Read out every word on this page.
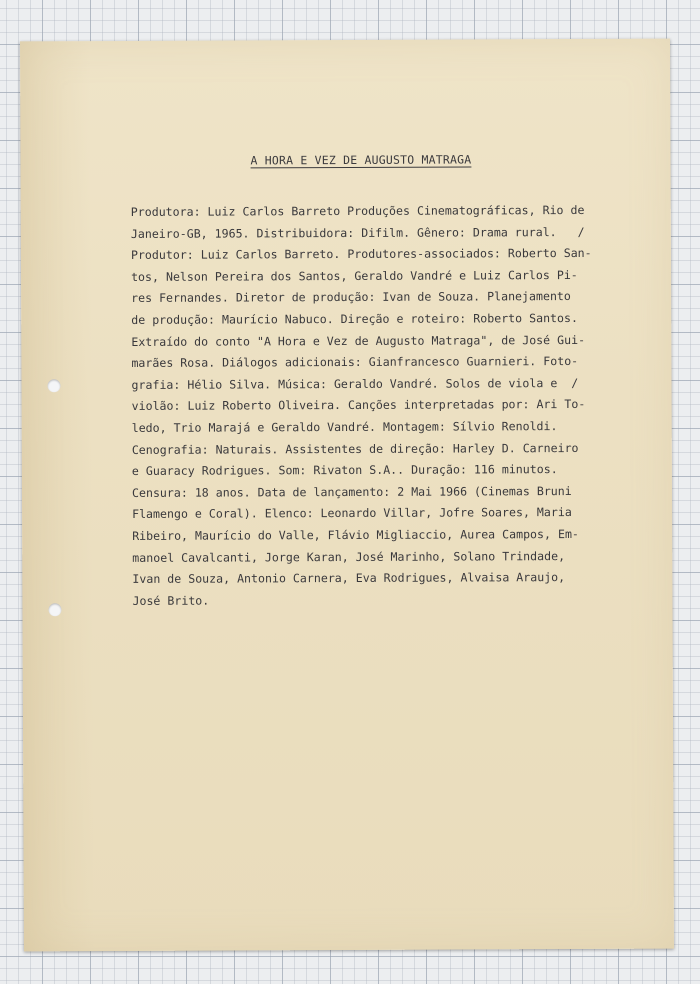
A HORA E VEZ DE AUGUSTO MATRAGA
Produtora: Luiz Carlos Barreto Produções Cinematográficas, Rio de
Janeiro-GB, 1965. Distribuidora: Difilm. Gênero: Drama rural.   /
Produtor: Luiz Carlos Barreto. Produtores-associados: Roberto San-
tos, Nelson Pereira dos Santos, Geraldo Vandré e Luiz Carlos Pi-
res Fernandes. Diretor de produção: Ivan de Souza. Planejamento
de produção: Maurício Nabuco. Direção e roteiro: Roberto Santos.
Extraído do conto "A Hora e Vez de Augusto Matraga", de José Gui-
marães Rosa. Diálogos adicionais: Gianfrancesco Guarnieri. Foto-
grafia: Hélio Silva. Música: Geraldo Vandré. Solos de viola e  /
violão: Luiz Roberto Oliveira. Canções interpretadas por: Ari To-
ledo, Trio Marajá e Geraldo Vandré. Montagem: Sílvio Renoldi.
Cenografia: Naturais. Assistentes de direção: Harley D. Carneiro
e Guaracy Rodrigues. Som: Rivaton S.A.. Duração: 116 minutos.
Censura: 18 anos. Data de lançamento: 2 Mai 1966 (Cinemas Bruni
Flamengo e Coral). Elenco: Leonardo Villar, Jofre Soares, Maria
Ribeiro, Maurício do Valle, Flávio Migliaccio, Aurea Campos, Em-
manoel Cavalcanti, Jorge Karan, José Marinho, Solano Trindade,
Ivan de Souza, Antonio Carnera, Eva Rodrigues, Alvaisa Araujo,
José Brito.
